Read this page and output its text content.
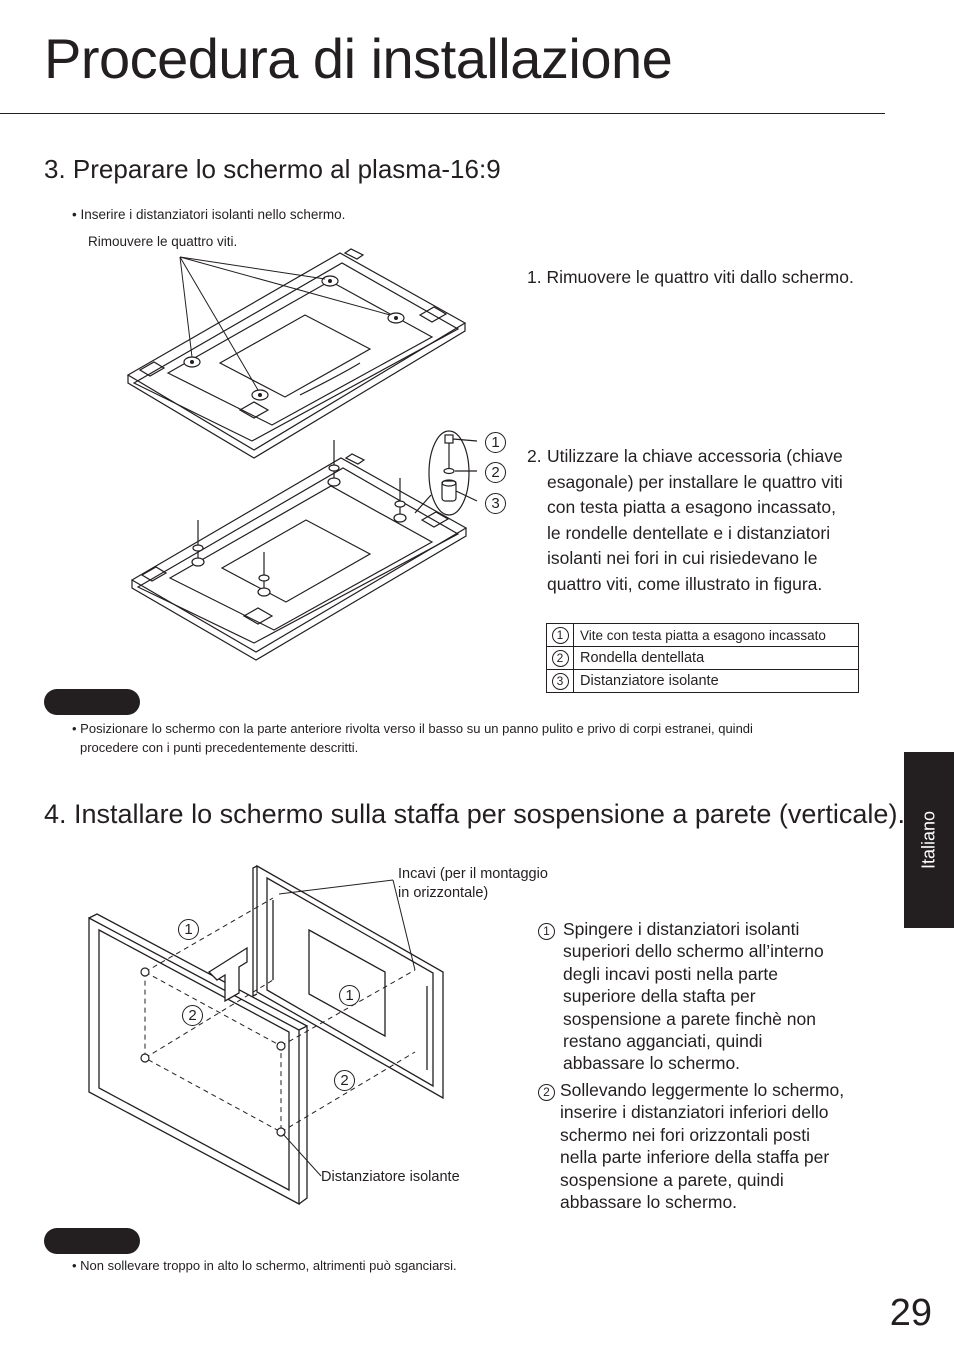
Procedura di installazione
Italiano
3. Preparare lo schermo al plasma-16:9
• Inserire i distanziatori isolanti nello schermo.
Rimouvere le quattro viti.
1
2
3
1. Rimuovere le quattro viti dallo schermo.
2. Utilizzare la chiave accessoria (chiave
esagonale) per installare le quattro viti
con testa piatta a esagono incassato,
le rondelle dentellate e i distanziatori
isolanti nei fori in cui risiedevano le
quattro viti, come illustrato in figura.
1	Vite con testa piatta a esagono incassato
2	Rondella dentellata
3	Distanziatore isolante
• Posizionare lo schermo con la parte anteriore rivolta verso il basso su un panno pulito e privo di corpi estranei, quindi
procedere con i punti precedentemente descritti.
4. Installare lo schermo sulla staffa per sospensione a parete (verticale).
1
2
1
2
Incavi (per il montaggio
in orizzontale)
Distanziatore isolante
1 Spingere i distanziatori isolanti
superiori dello schermo all’interno
degli incavi posti nella parte
superiore della stafta per
sospensione a parete finchè non
restano agganciati, quindi
abbassare lo schermo.
2 Sollevando leggermente lo schermo,
inserire i distanziatori inferiori dello
schermo nei fori orizzontali posti
nella parte inferiore della staffa per
sospensione a parete, quindi
abbassare lo schermo.
• Non sollevare troppo in alto lo schermo, altrimenti può sganciarsi.
29
